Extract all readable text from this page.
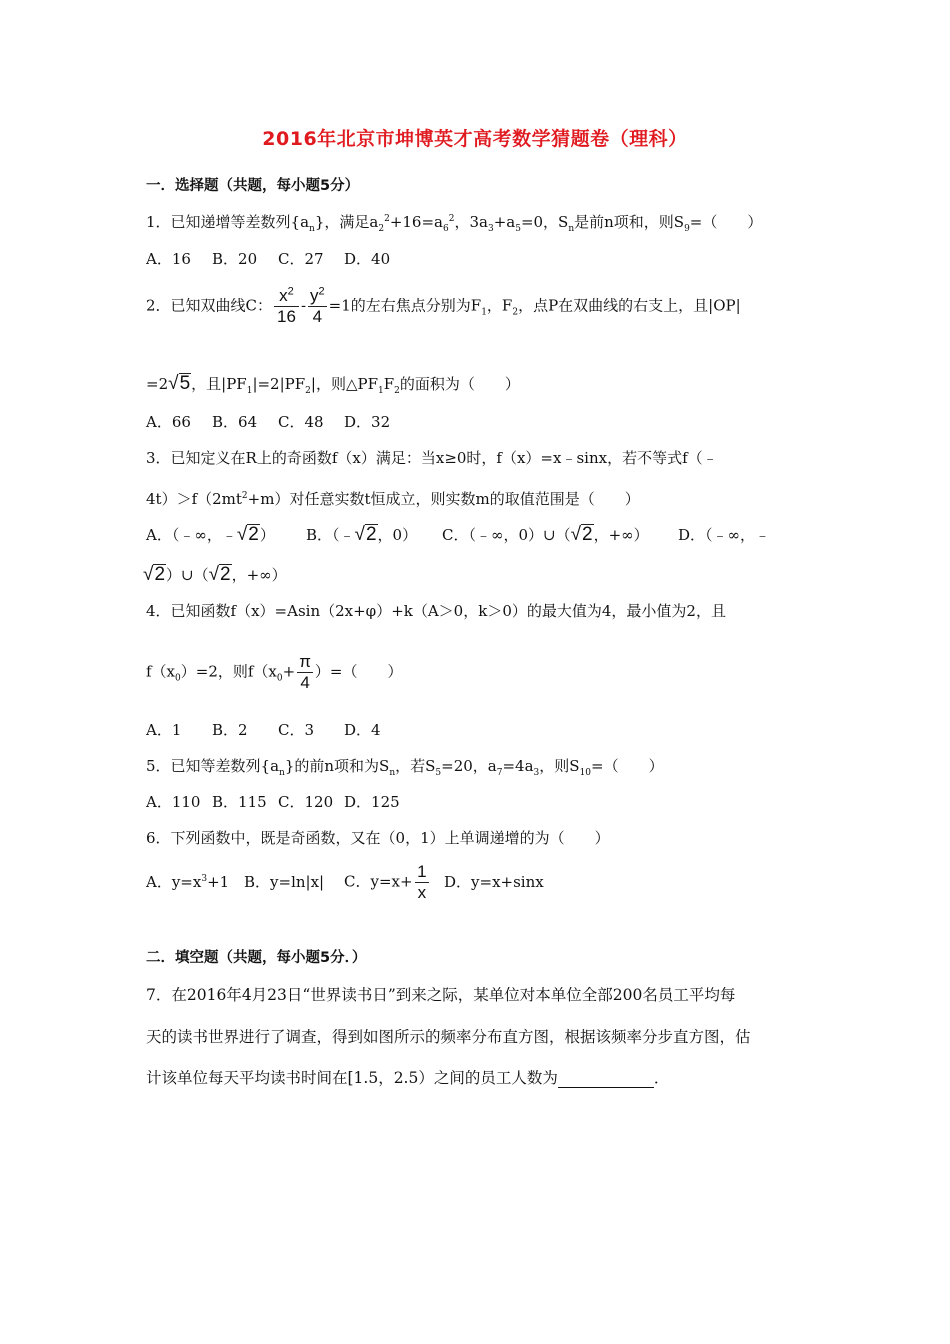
2016年北京市坤博英才高考数学猜题卷（理科）
一．选择题（共题，每小题5分）
1．已知递增等差数列$\{a_n\}$，满足$a_2^2+16=a_6^2$，$3a_3+a_5=0$，$S_n$是前n项和，则$S_9=$（　　）
A．16 B．20 C．27 D．40
2．已知双曲线C： $\frac{x^2}{16} - \frac{y^2}{4} =1$的左右焦点分别为$F_1$，$F_2$，点P在双曲线的右支上，且|OP|
=2√5，且$|PF_1|=2|PF_2|$，则$\triangle PF_1F_2$的面积为（　　）
A．66 B．64 C．48 D．32
3．已知定义在R上的奇函数f（x）满足：当x≥0时，f（x）=x﹣sinx，若不等式f（﹣
$4t)>f(2mt^2+m)$对任意实数t恒成立，则实数m的取值范围是（　　）
A．（﹣∞，﹣√2） B．（﹣√2，0） C．（﹣∞，0）∪（√2，+∞） D．（﹣∞，﹣
√2）∪（√2，+∞）
4．已知函数f（x）=Asin（2x+φ）+k（A＞0，k＞0）的最大值为4，最小值为2，且
$f(x_0)=2$，则$f(x_0+ \frac{\pi}{4}$ ）=（　　）
A．1 B．2 C．3 D．4
5．已知等差数列$\{a_n\}$的前n项和为$S_n$，若$S_5=20$，$a_7=4a_3$，则$S_{10}=$（　　）
A．110 B．115 C．120 D．125
6．下列函数中，既是奇函数，又在（0，1）上单调递增的为（　　）
A．$y=x^3+1$ B．y=ln|x| C．$y=x+ \frac{1}{x}$ D．y=x+sinx
二．填空题（共题，每小题5分．）
7．在2016年4月23日“世界读书日”到来之际，某单位对本单位全部200名员工平均每
天的读书世界进行了调查，得到如图所示的频率分布直方图，根据该频率分步直方图，估
计该单位每天平均读书时间在[1.5，2.5）之间的员工人数为	．
